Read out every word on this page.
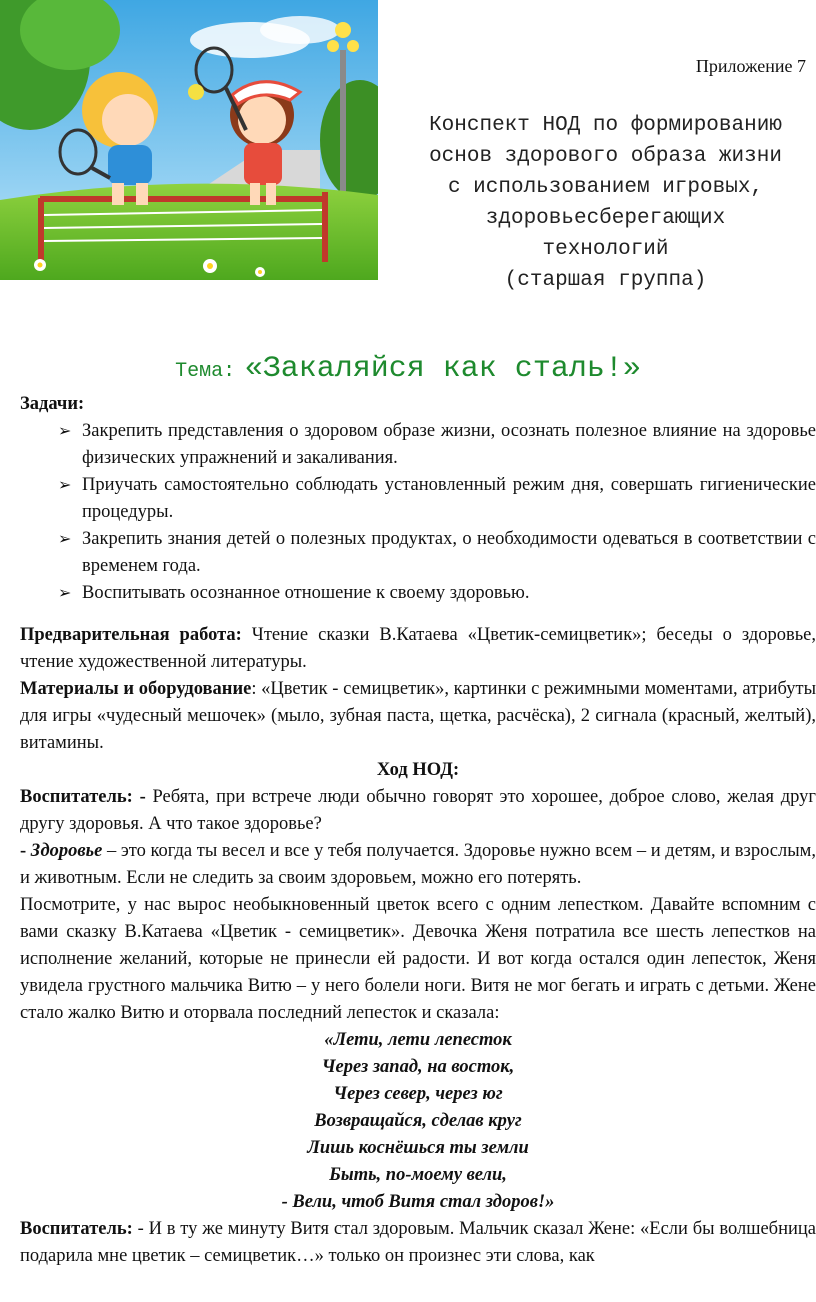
Приложение 7
Конспект НОД по формированию
основ здорового образа жизни
с использованием игровых,
здоровьесберегающих
технологий
(старшая группа)
Тема: «Закаляйся как сталь!»

Задачи:

➢ Закрепить представления о здоровом образе жизни, осознать полезное влияние на здоровье физических упражнений и закаливания.
➢ Приучать самостоятельно соблюдать установленный режим дня, совершать гигиенические процедуры.
➢ Закрепить знания детей о полезных продуктах, о необходимости одеваться в соответствии с временем года.
➢ Воспитывать осознанное отношение к своему здоровью.

Предварительная работа: Чтение сказки В.Катаева «Цветик-семицветик»; беседы о здоровье, чтение художественной литературы.

Материалы и оборудование: «Цветик - семицветик», картинки с режимными моментами, атрибуты для игры «чудесный мешочек» (мыло, зубная паста, щетка, расчёска), 2 сигнала (красный, желтый), витамины.

Ход НОД:

Воспитатель: - Ребята, при встрече люди обычно говорят это хорошее, доброе слово, желая друг другу здоровья. А что такое здоровье?

- Здоровье – это когда ты весел и все у тебя получается. Здоровье нужно всем – и детям, и взрослым, и животным. Если не следить за своим здоровьем, можно его потерять.

Посмотрите, у нас вырос необыкновенный цветок всего с одним лепестком. Давайте вспомним с вами сказку В.Катаева «Цветик - семицветик». Девочка Женя потратила все шесть лепестков на исполнение желаний, которые не принесли ей радости. И вот когда остался один лепесток, Женя увидела грустного мальчика Витю – у него болели ноги. Витя не мог бегать и играть с детьми. Жене стало жалко Витю и оторвала последний лепесток и сказала:

«Лети, лети лепесток
Через запад, на восток,
Через север, через юг
Возвращайся, сделав круг
Лишь коснёшься ты земли
Быть, по-моему вели,
- Вели, чтоб Витя стал здоров!»

Воспитатель: - И в ту же минуту Витя стал здоровым. Мальчик сказал Жене: «Если бы волшебница подарила мне цветик – семицветик…» только он произнес эти слова, как
